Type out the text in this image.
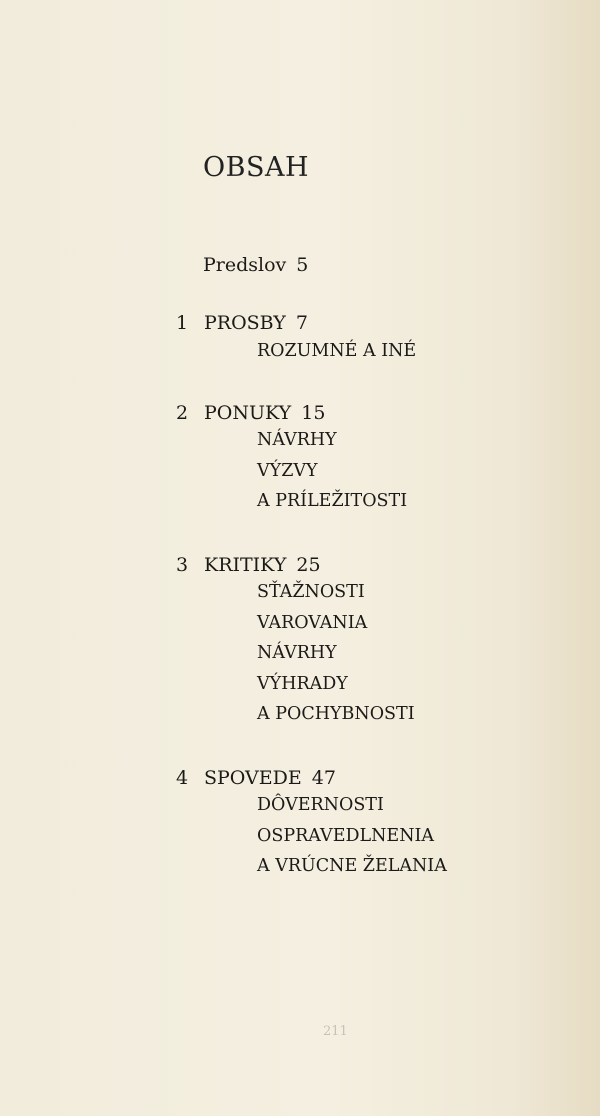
OBSAH
Predslov 5
1 PROSBY 7
ROZUMNÉ A INÉ
2 PONUKY 15
NÁVRHY
VÝZVY
A PRÍLEŽITOSTI
3 KRITIKY 25
SŤAŽNOSTI
VAROVANIA
NÁVRHY
VÝHRADY
A POCHYBNOSTI
4 SPOVEDE 47
DÔVERNOSTI
OSPRAVEDLNENIA
A VRÚCNE ŽELANIA
211
